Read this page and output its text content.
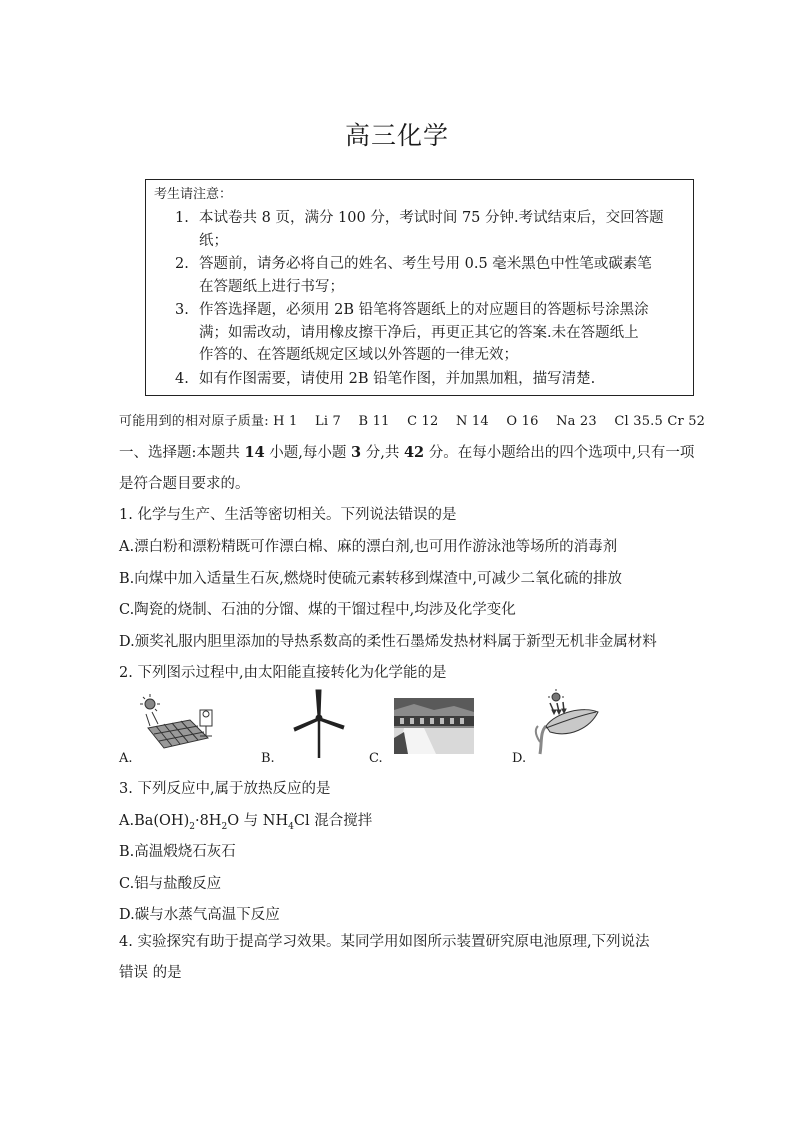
高三化学
考生请注意：
1. 本试卷共 8 页，满分 100 分，考试时间 75 分钟.考试结束后，交回答题
纸；
2. 答题前，请务必将自己的姓名、考生号用 0.5 毫米黑色中性笔或碳素笔
在答题纸上进行书写；
3. 作答选择题，必须用 2B 铅笔将答题纸上的对应题目的答题标号涂黑涂
满；如需改动，请用橡皮擦干净后，再更正其它的答案.未在答题纸上
作答的、在答题纸规定区域以外答题的一律无效；
4. 如有作图需要，请使用 2B 铅笔作图，并加黑加粗，描写清楚.
可能用到的相对原子质量: H 1　 Li 7　 B 11　 C 12　 N 14　 O 16　 Na 23　 Cl 35.5 Cr 52
一、选择题:本题共 14 小题,每小题 3 分,共 42 分。在每小题给出的四个选项中,只有一项
是符合题目要求的。
1. 化学与生产、生活等密切相关。下列说法错误的是
A.漂白粉和漂粉精既可作漂白棉、麻的漂白剂,也可用作游泳池等场所的消毒剂
B.向煤中加入适量生石灰,燃烧时使硫元素转移到煤渣中,可减少二氧化硫的排放
C.陶瓷的烧制、石油的分馏、煤的干馏过程中,均涉及化学变化
D.颁奖礼服内胆里添加的导热系数高的柔性石墨烯发热材料属于新型无机非金属材料
2. 下列图示过程中,由太阳能直接转化为化学能的是
A.	B.	C.	D.
3. 下列反应中,属于放热反应的是
$A.Ba(OH)_2\cdot 8H_2O$ 与 $NH_4Cl$ 混合搅拌
B.高温煅烧石灰石
C.铝与盐酸反应
D.碳与水蒸气高温下反应
4. 实验探究有助于提高学习效果。某同学用如图所示装置研究原电池原理,下列说法
错误 的是
